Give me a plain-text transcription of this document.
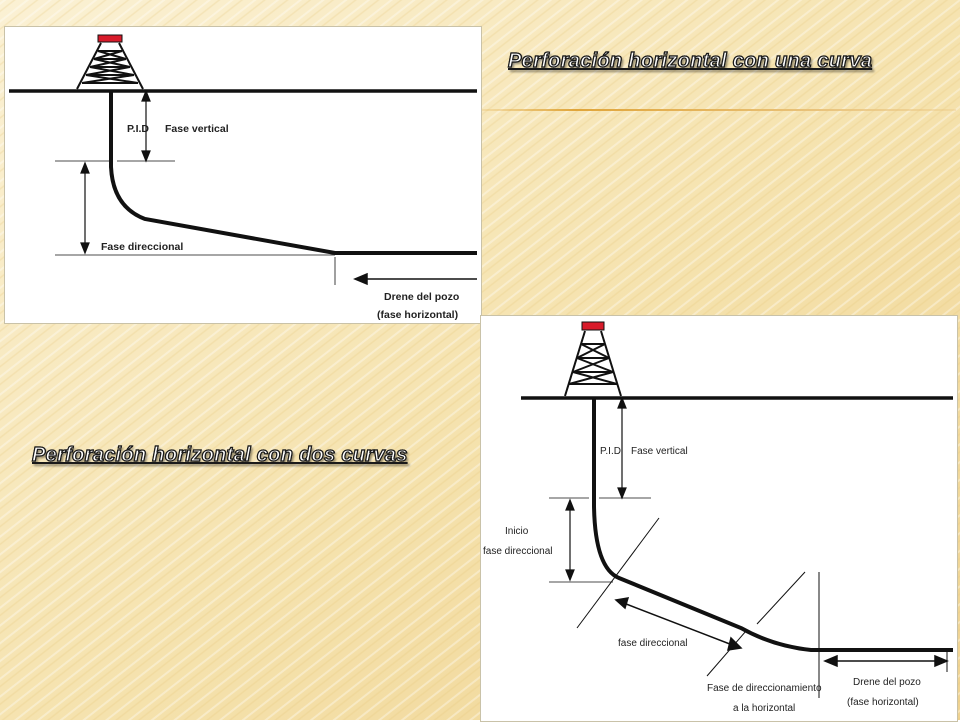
Perforación horizontal con una curva
Perforación horizontal con dos curvas
P.I.D Fase vertical
Fase direccional
Drene del pozo
(fase horizontal)
P.I.D Fase vertical
Inicio
fase direccional
fase direccional
Fase de direccionamiento
a la horizontal
Drene del pozo
(fase horizontal)
